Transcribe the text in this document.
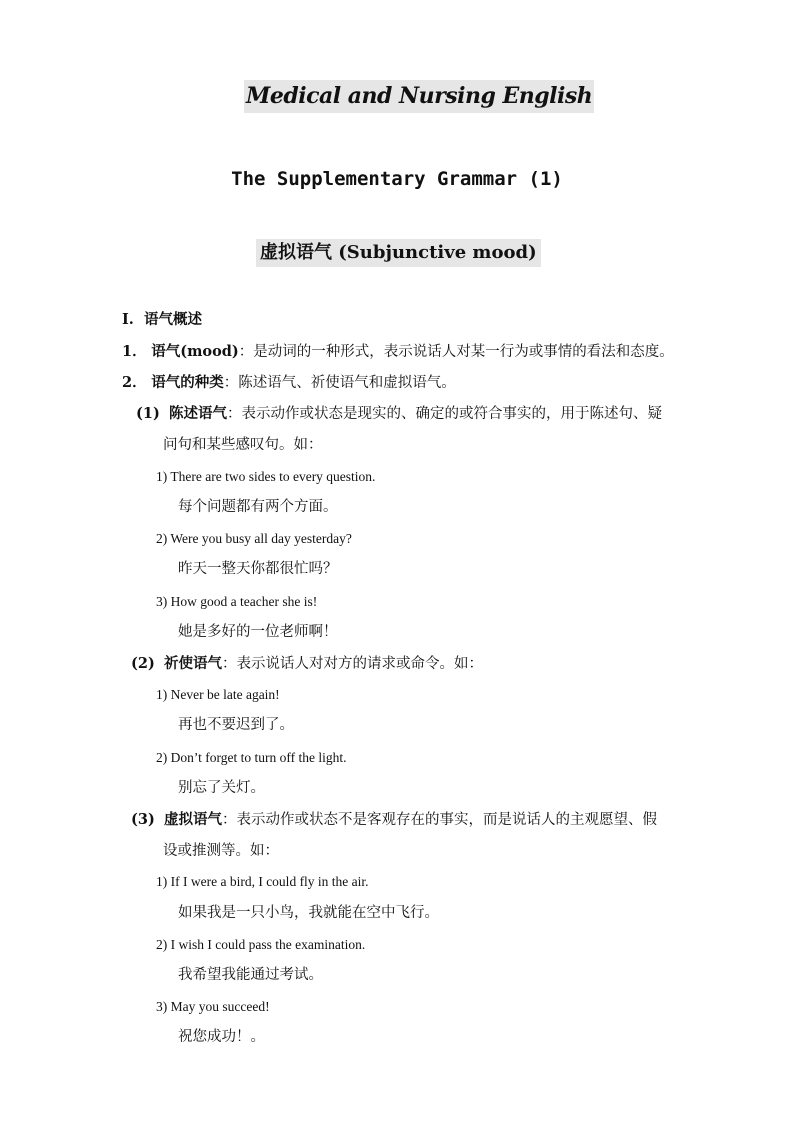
Medical and Nursing English
The Supplementary Grammar (1)
虚拟语气 (Subjunctive mood)
I. 语气概述
1． 语气(mood)：是动词的一种形式，表示说话人对某一行为或事情的看法和态度。
2． 语气的种类：陈述语气、祈使语气和虚拟语气。
(1) 陈述语气：表示动作或状态是现实的、确定的或符合事实的，用于陈述句、疑
问句和某些感叹句。如：
1) There are two sides to every question.
每个问题都有两个方面。
2) Were you busy all day yesterday?
昨天一整天你都很忙吗？
3) How good a teacher she is!
她是多好的一位老师啊！
(2) 祈使语气：表示说话人对对方的请求或命令。如：
1) Never be late again!
再也不要迟到了。
2) Don’t forget to turn off the light.
别忘了关灯。
(3) 虚拟语气：表示动作或状态不是客观存在的事实，而是说话人的主观愿望、假
设或推测等。如：
1) If I were a bird, I could fly in the air.
如果我是一只小鸟，我就能在空中飞行。
2) I wish I could pass the examination.
我希望我能通过考试。
3) May you succeed!
祝您成功！。
